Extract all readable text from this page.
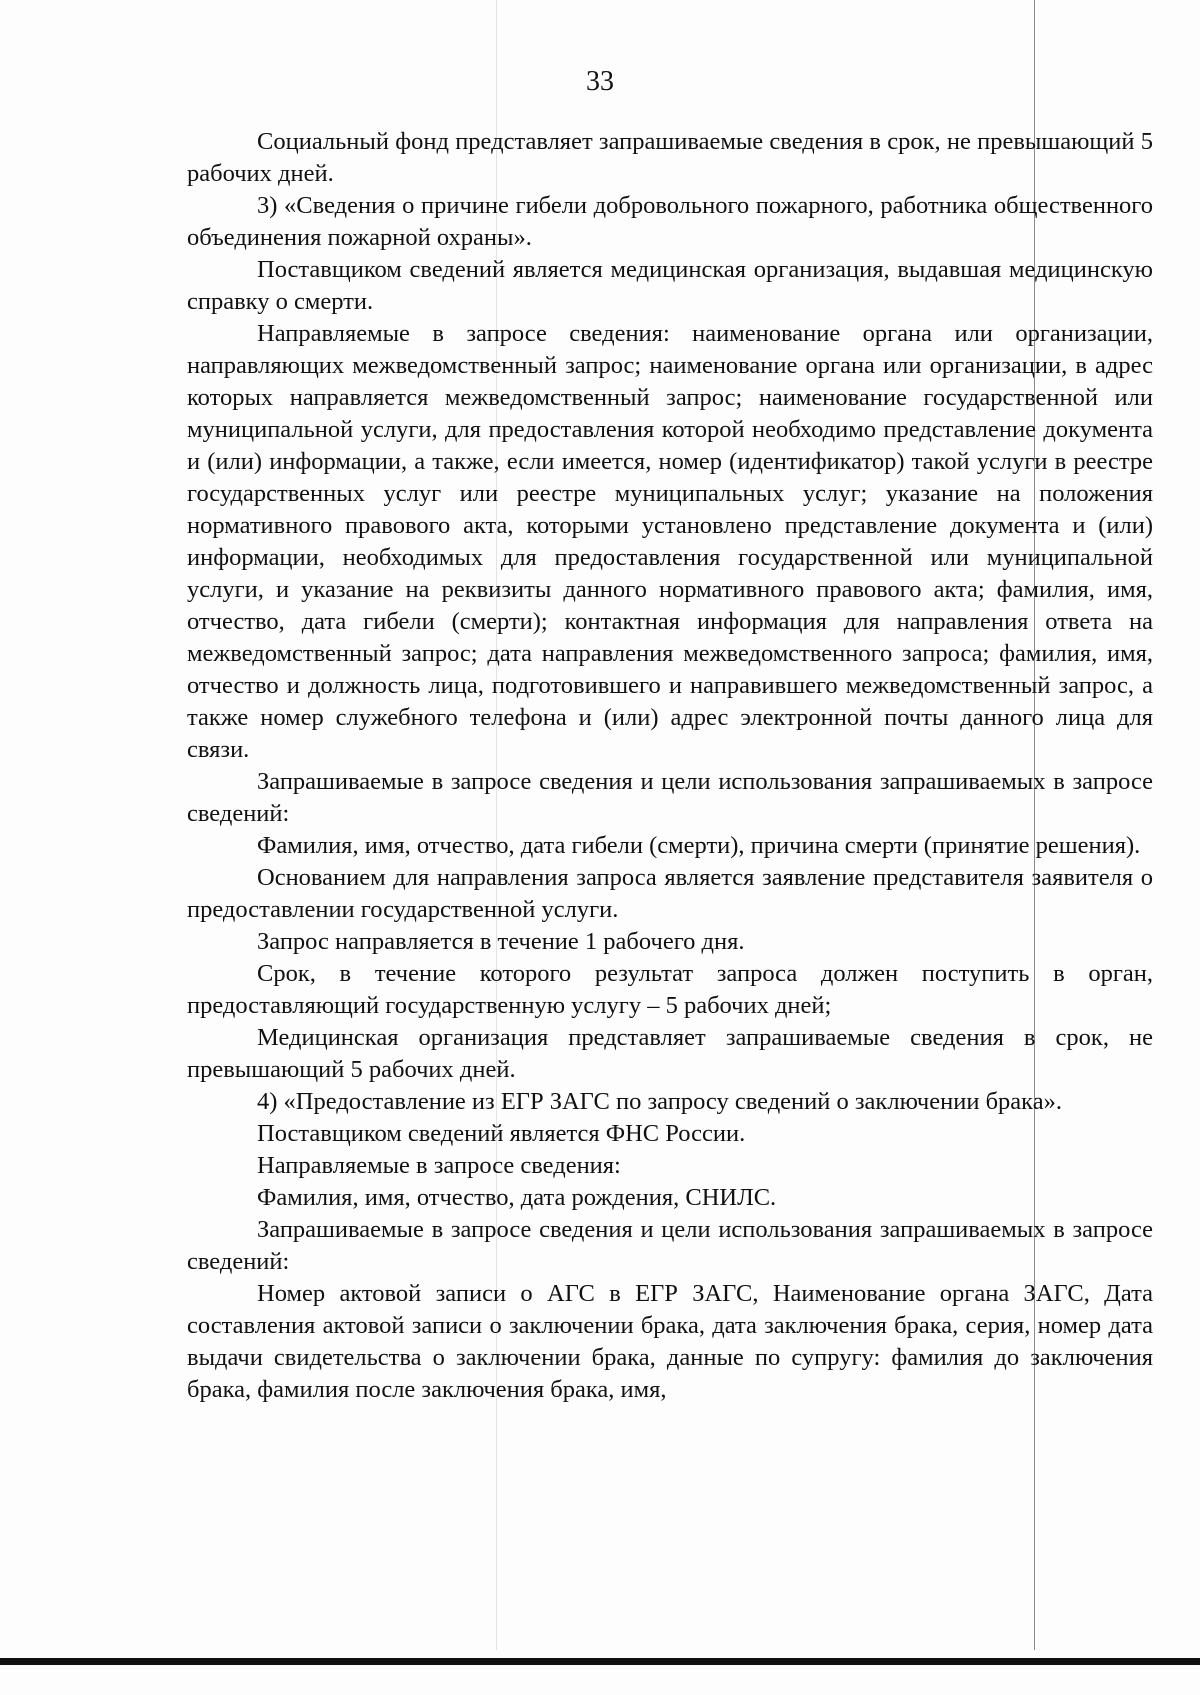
33

Социальный фонд представляет запрашиваемые сведения в срок, не превышающий 5 рабочих дней.

3) «Сведения о причине гибели добровольного пожарного, работника общественного объединения пожарной охраны».

Поставщиком сведений является медицинская организация, выдавшая медицинскую справку о смерти.

Направляемые в запросе сведения: наименование органа или организации, направляющих межведомственный запрос; наименование органа или организации, в адрес которых направляется межведомственный запрос; наименование государственной или муниципальной услуги, для предоставления которой необходимо представление документа и (или) информации, а также, если имеется, номер (идентификатор) такой услуги в реестре государственных услуг или реестре муниципальных услуг; указание на положения нормативного правового акта, которыми установлено представление документа и (или) информации, необходимых для предоставления государственной или муниципальной услуги, и указание на реквизиты данного нормативного правового акта; фамилия, имя, отчество, дата гибели (смерти); контактная информация для направления ответа на межведомственный запрос; дата направления межведомственного запроса; фамилия, имя, отчество и должность лица, подготовившего и направившего межведомственный запрос, а также номер служебного телефона и (или) адрес электронной почты данного лица для связи.

Запрашиваемые в запросе сведения и цели использования запрашиваемых в запросе сведений:

Фамилия, имя, отчество, дата гибели (смерти), причина смерти (принятие решения).

Основанием для направления запроса является заявление представителя заявителя о предоставлении государственной услуги.

Запрос направляется в течение 1 рабочего дня.

Срок, в течение которого результат запроса должен поступить в орган, предоставляющий государственную услугу – 5 рабочих дней;

Медицинская организация представляет запрашиваемые сведения в срок, не превышающий 5 рабочих дней.

4) «Предоставление из ЕГР ЗАГС по запросу сведений о заключении брака».

Поставщиком сведений является ФНС России.

Направляемые в запросе сведения:

Фамилия, имя, отчество, дата рождения, СНИЛС.

Запрашиваемые в запросе сведения и цели использования запрашиваемых в запросе сведений:

Номер актовой записи о АГС в ЕГР ЗАГС, Наименование органа ЗАГС, Дата составления актовой записи о заключении брака, дата заключения брака, серия, номер дата выдачи свидетельства о заключении брака, данные по супругу: фамилия до заключения брака, фамилия после заключения брака, имя,
